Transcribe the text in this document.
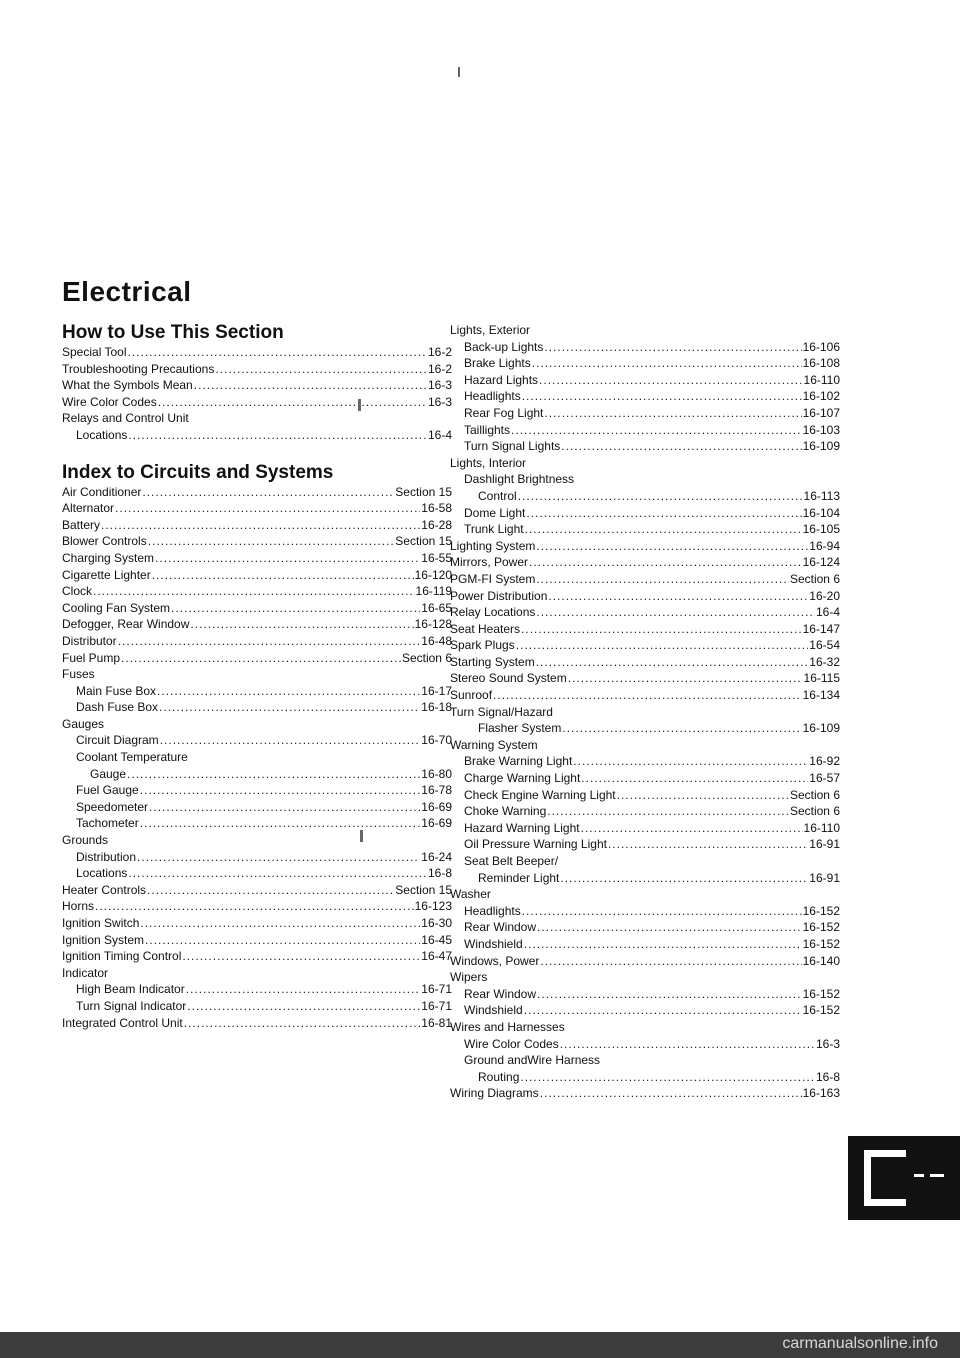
Electrical
How to Use This Section
Special Tool .....	16-2
Troubleshooting Precautions .....	16-2
What the Symbols Mean .....	16-3
Wire Color Codes .....	16-3
Relays and Control Unit
Locations .....	16-4
Index to Circuits and Systems
Air Conditioner .....	Section 15
Alternator .....	16-58
Battery .....	16-28
Blower Controls .....	Section 15
Charging System .....	16-55
Cigarette Lighter .....	16-120
Clock .....	16-119
Cooling Fan System .....	16-65
Defogger, Rear Window .....	16-128
Distributor .....	16-48
Fuel Pump .....	Section 6
Fuses
Main Fuse Box .....	16-17
Dash Fuse Box .....	16-18
Gauges
Circuit Diagram .....	16-70
Coolant Temperature
Gauge .....	16-80
Fuel Gauge .....	16-78
Speedometer .....	16-69
Tachometer .....	16-69
Grounds
Distribution .....	16-24
Locations .....	16-8
Heater Controls .....	Section 15
Horns .....	16-123
Ignition Switch .....	16-30
Ignition System .....	16-45
Ignition Timing Control .....	16-47
Indicator
High Beam Indicator .....	16-71
Turn Signal Indicator .....	16-71
Integrated Control Unit .....	16-81
Lights, Exterior
Back-up Lights .....	16-106
Brake Lights .....	16-108
Hazard Lights .....	16-110
Headlights .....	16-102
Rear Fog Light .....	16-107
Taillights .....	16-103
Turn Signal Lights .....	16-109
Lights, Interior
Dashlight Brightness
Control .....	16-113
Dome Light .....	16-104
Trunk Light .....	16-105
Lighting System .....	16-94
Mirrors, Power .....	16-124
PGM-FI System .....	Section 6
Power Distribution .....	16-20
Relay Locations .....	16-4
Seat Heaters .....	16-147
Spark Plugs .....	16-54
Starting System .....	16-32
Stereo Sound System .....	16-115
Sunroof .....	16-134
Turn Signal/Hazard
Flasher System .....	16-109
Warning System
Brake Warning Light .....	16-92
Charge Warning Light .....	16-57
Check Engine Warning Light .....	Section 6
Choke Warning .....	Section 6
Hazard Warning Light .....	16-110
Oil Pressure Warning Light .....	16-91
Seat Belt Beeper/
Reminder Light .....	16-91
Washer
Headlights .....	16-152
Rear Window .....	16-152
Windshield .....	16-152
Windows, Power .....	16-140
Wipers
Rear Window .....	16-152
Windshield .....	16-152
Wires and Harnesses
Wire Color Codes .....	16-3
Ground andWire Harness
Routing .....	16-8
Wiring Diagrams .....	16-163
carmanualsonline.info
